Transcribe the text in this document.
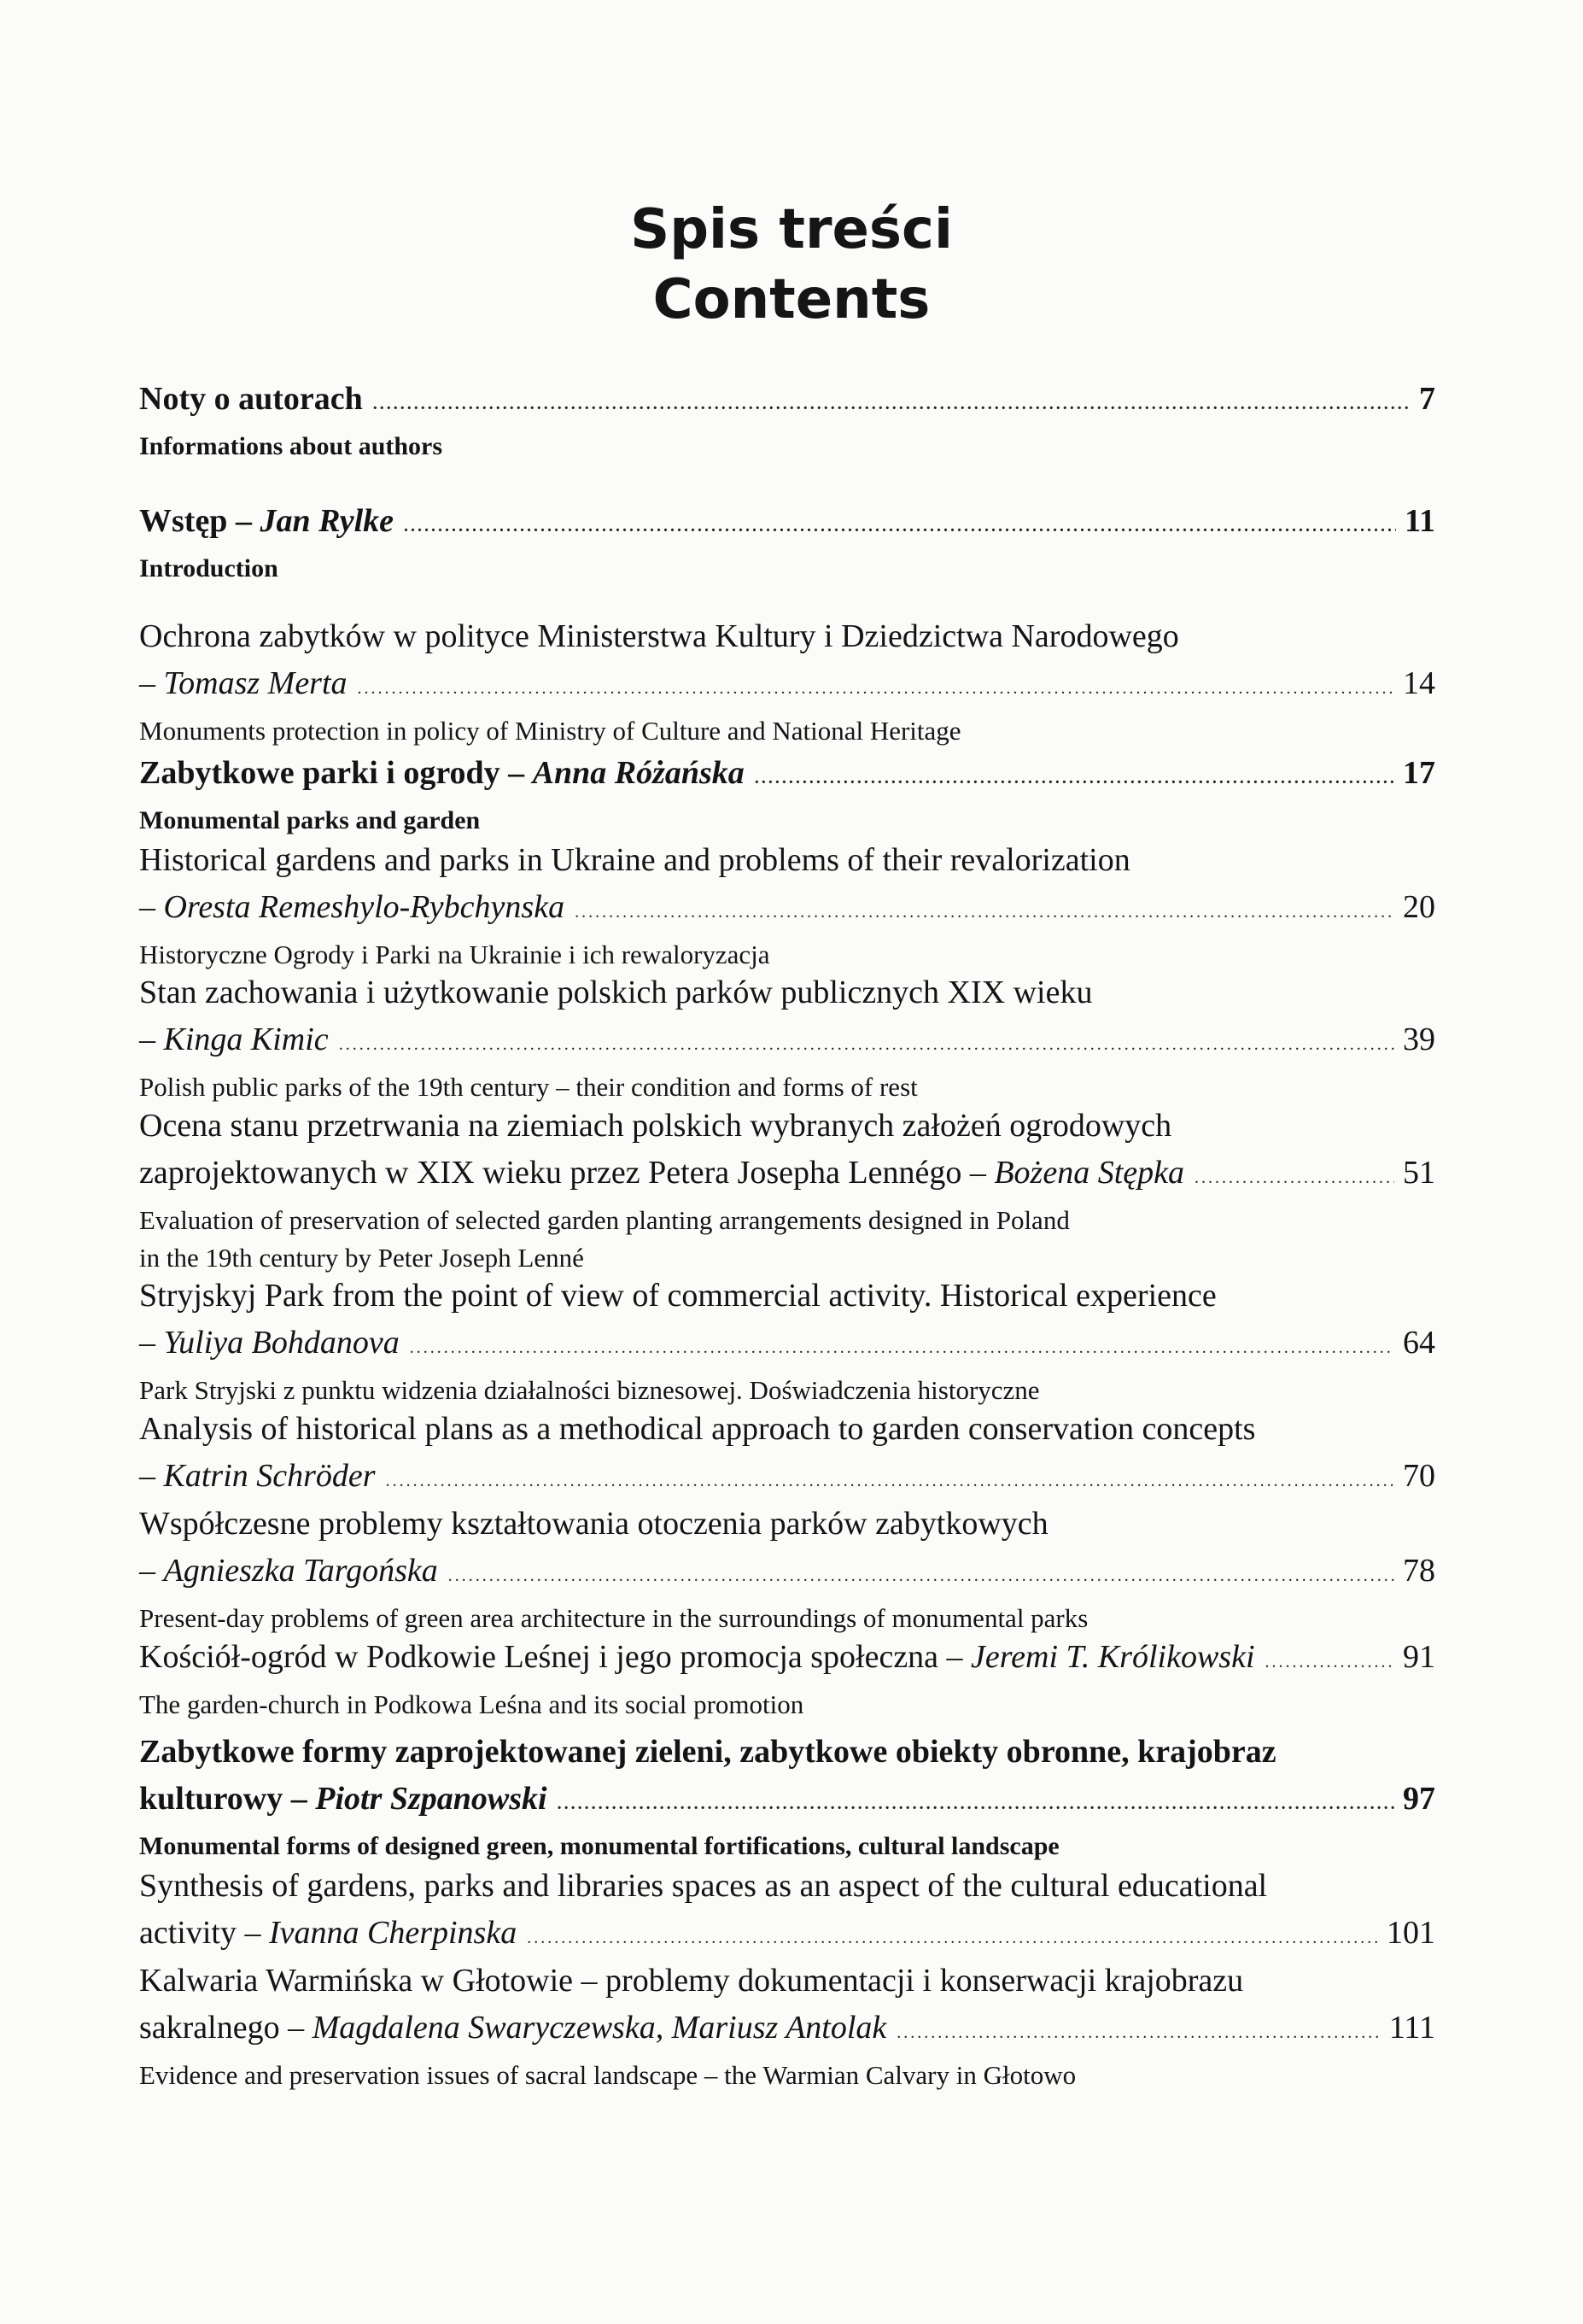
Spis treści
Contents
Noty o autorach . . .	7
Informations about authors
Wstęp – Jan Rylke . . .	11
Introduction
Ochrona zabytków w polityce Ministerstwa Kultury i Dziedzictwa Narodowego
– Tomasz Merta . . .	14
Monuments protection in policy of Ministry of Culture and National Heritage
Zabytkowe parki i ogrody – Anna Różańska . . .	17
Monumental parks and garden
Historical gardens and parks in Ukraine and problems of their revalorization
– Oresta Remeshylo-Rybchynska . . .	20
Historyczne Ogrody i Parki na Ukrainie i ich rewaloryzacja
Stan zachowania i użytkowanie polskich parków publicznych XIX wieku
– Kinga Kimic . . .	39
Polish public parks of the 19th century – their condition and forms of rest
Ocena stanu przetrwania na ziemiach polskich wybranych założeń ogrodowych
zaprojektowanych w XIX wieku przez Petera Josepha Lennégo – Bożena Stępka . . .	51
Evaluation of preservation of selected garden planting arrangements designed in Poland
in the 19th century by Peter Joseph Lenné
Stryjskyj Park from the point of view of commercial activity. Historical experience
– Yuliya Bohdanova . . .	64
Park Stryjski z punktu widzenia działalności biznesowej. Doświadczenia historyczne
Analysis of historical plans as a methodical approach to garden conservation concepts
– Katrin Schröder . . .	70
Współczesne problemy kształtowania otoczenia parków zabytkowych
– Agnieszka Targońska . . .	78
Present-day problems of green area architecture in the surroundings of monumental parks
Kościół-ogród w Podkowie Leśnej i jego promocja społeczna – Jeremi T. Królikowski . . .	91
The garden-church in Podkowa Leśna and its social promotion
Zabytkowe formy zaprojektowanej zieleni, zabytkowe obiekty obronne, krajobraz
kulturowy – Piotr Szpanowski . . .	97
Monumental forms of designed green, monumental fortifications, cultural landscape
Synthesis of gardens, parks and libraries spaces as an aspect of the cultural educational
activity – Ivanna Cherpinska . . .	101
Kalwaria Warmińska w Głotowie – problemy dokumentacji i konserwacji krajobrazu
sakralnego – Magdalena Swaryczewska, Mariusz Antolak . . .	111
Evidence and preservation issues of sacral landscape – the Warmian Calvary in Głotowo
